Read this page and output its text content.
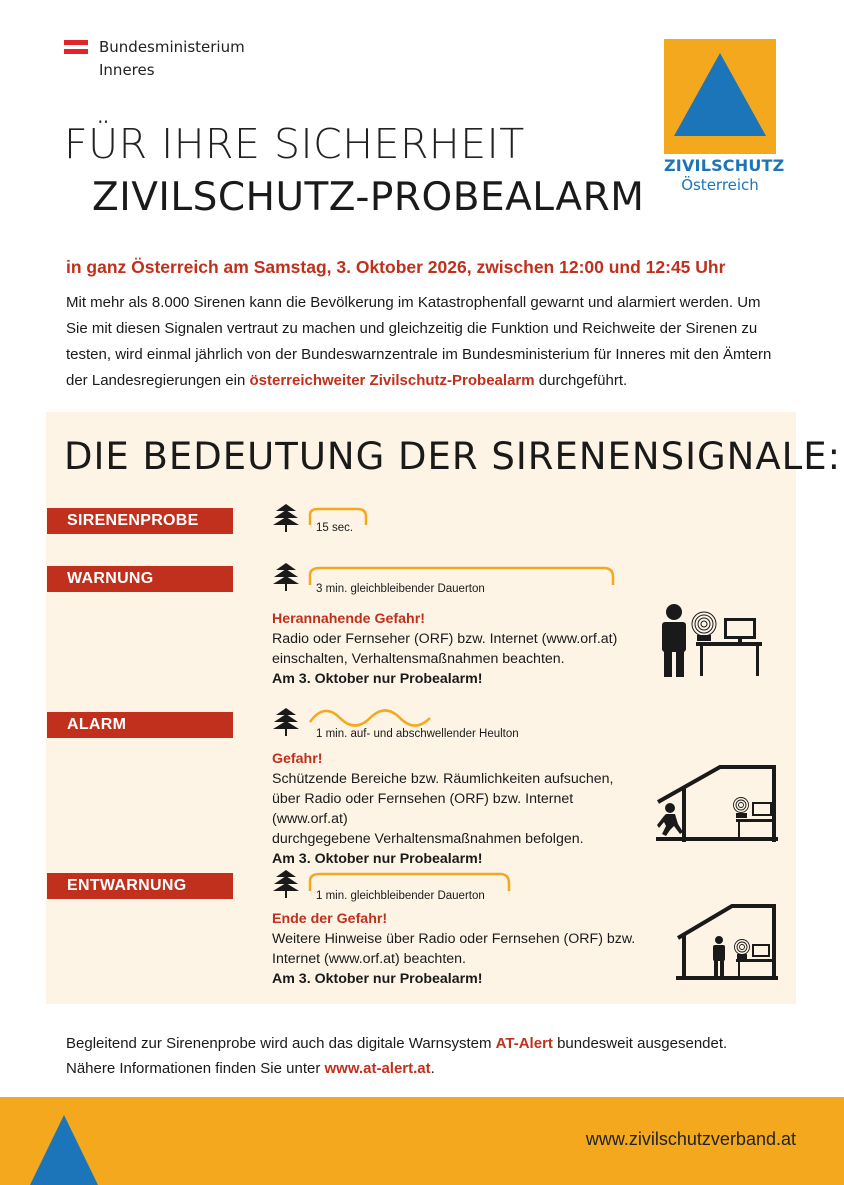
Bundesministerium
Inneres
ZIVILSCHUTZ
Österreich
FÜR IHRE SICHERHEIT
ZIVILSCHUTZ-PROBEALARM
in ganz Österreich am Samstag, 3. Oktober 2026, zwischen 12:00 und 12:45 Uhr
Mit mehr als 8.000 Sirenen kann die Bevölkerung im Katastrophenfall gewarnt und alarmiert werden. Um Sie mit diesen Signalen vertraut zu machen und gleichzeitig die Funktion und Reichweite der Sirenen zu testen, wird einmal jährlich von der Bundeswarnzentrale im Bundesministerium für Inneres mit den Ämtern der Landesregierungen ein österreichweiter Zivilschutz-Probealarm durchgeführt.
DIE BEDEUTUNG DER SIRENENSIGNALE:
SIRENENPROBE	15 sec.
WARNUNG
3 min. gleichbleibender Dauerton
Herannahende Gefahr!
Radio oder Fernseher (ORF) bzw. Internet (www.orf.at)
einschalten, Verhaltensmaßnahmen beachten.
Am 3. Oktober nur Probealarm!
ALARM
1 min. auf- und abschwellender Heulton
Gefahr!
Schützende Bereiche bzw. Räumlichkeiten aufsuchen,
über Radio oder Fernsehen (ORF) bzw. Internet (www.orf.at)
durchgegebene Verhaltensmaßnahmen befolgen.
Am 3. Oktober nur Probealarm!
ENTWARNUNG
1 min. gleichbleibender Dauerton
Ende der Gefahr!
Weitere Hinweise über Radio oder Fernsehen (ORF) bzw.
Internet (www.orf.at) beachten.
Am 3. Oktober nur Probealarm!
Begleitend zur Sirenenprobe wird auch das digitale Warnsystem AT-Alert bundesweit ausgesendet.
Nähere Informationen finden Sie unter www.at-alert.at.
www.zivilschutzverband.at
